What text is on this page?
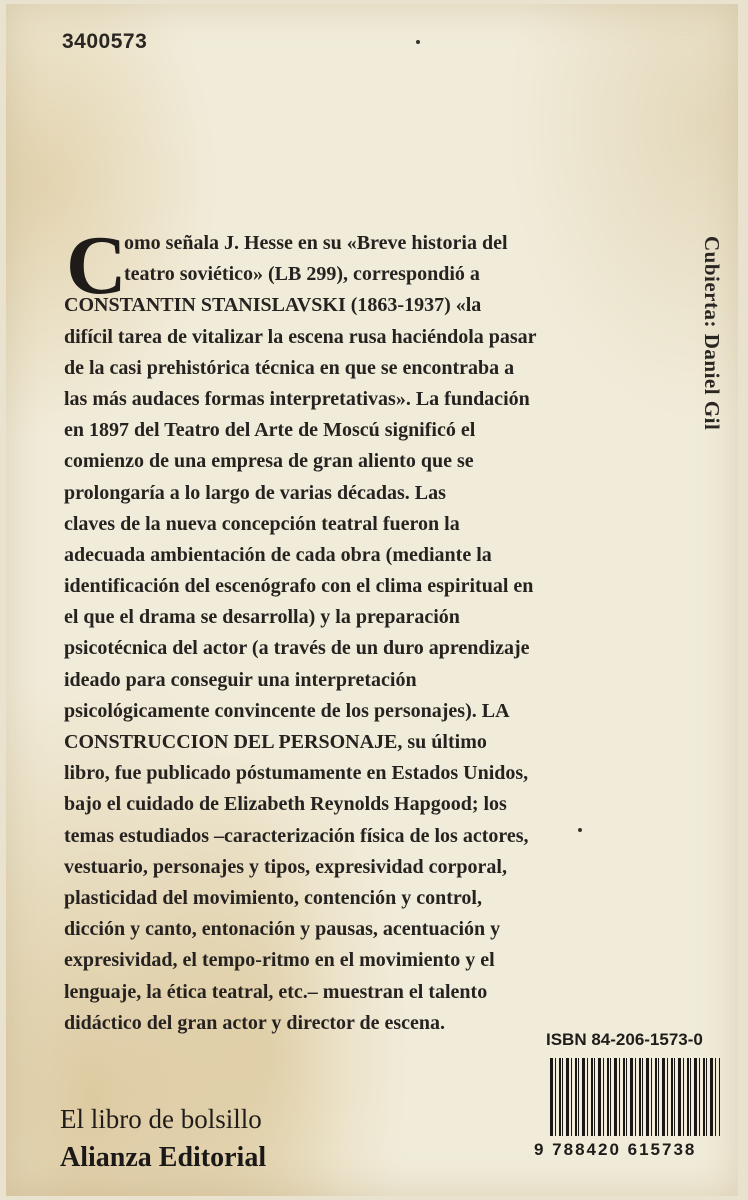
3400573
C
omo señala J. Hesse en su «Breve historia del
teatro soviético» (LB 299), correspondió a
CONSTANTIN STANISLAVSKI (1863-1937) «la
difícil tarea de vitalizar la escena rusa haciéndola pasar
de la casi prehistórica técnica en que se encontraba a
las más audaces formas interpretativas». La fundación
en 1897 del Teatro del Arte de Moscú significó el
comienzo de una empresa de gran aliento que se
prolongaría a lo largo de varias décadas. Las
claves de la nueva concepción teatral fueron la
adecuada ambientación de cada obra (mediante la
identificación del escenógrafo con el clima espiritual en
el que el drama se desarrolla) y la preparación
psicotécnica del actor (a través de un duro aprendizaje
ideado para conseguir una interpretación
psicológicamente convincente de los personajes). LA
CONSTRUCCION DEL PERSONAJE, su último
libro, fue publicado póstumamente en Estados Unidos,
bajo el cuidado de Elizabeth Reynolds Hapgood; los
temas estudiados –caracterización física de los actores,
vestuario, personajes y tipos, expresividad corporal,
plasticidad del movimiento, contención y control,
dicción y canto, entonación y pausas, acentuación y
expresividad, el tempo-ritmo en el movimiento y el
lenguaje, la ética teatral, etc.– muestran el talento
didáctico del gran actor y director de escena.
Cubierta: Daniel Gil
ISBN 84-206-1573-0
9 788420 615738
El libro de bolsillo
Alianza Editorial
